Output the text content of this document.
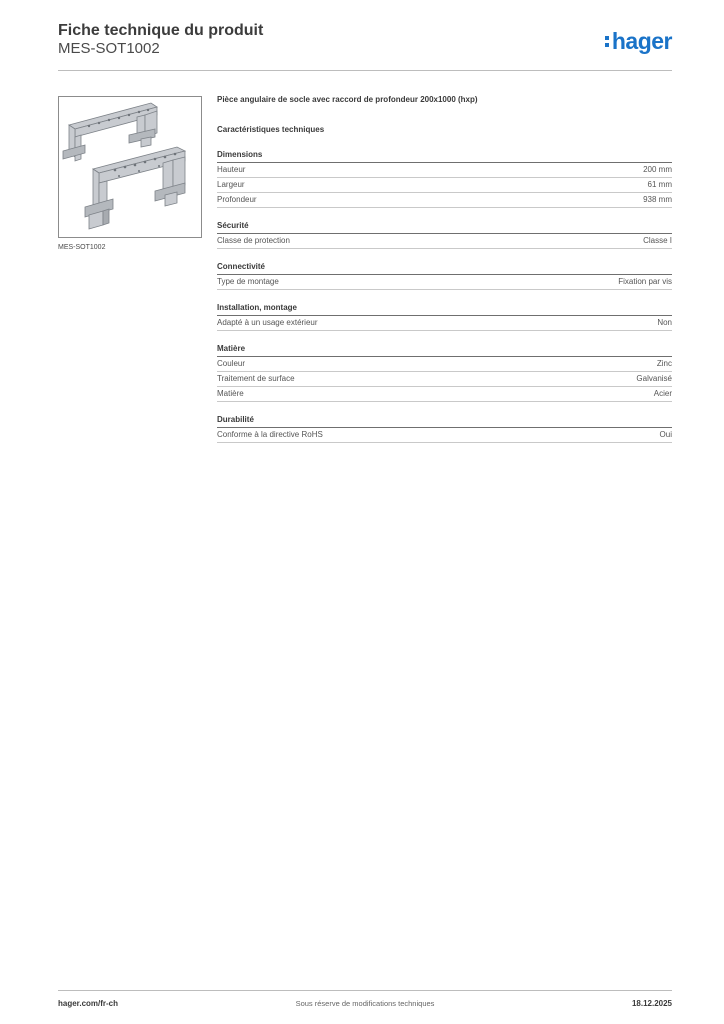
Fiche technique du produit
MES-SOT1002	hager
MES-SOT1002
Pièce angulaire de socle avec raccord de profondeur 200x1000 (hxp)
Caractéristiques techniques
Dimensions
Hauteur	200 mm
Largeur	61 mm
Profondeur	938 mm
Sécurité
Classe de protection	Classe I
Connectivité
Type de montage	Fixation par vis
Installation, montage
Adapté à un usage extérieur	Non
Matière
Couleur	Zinc
Traitement de surface	Galvanisé
Matière	Acier
Durabilité
Conforme à la directive RoHS	Oui
hager.com/fr-ch	Sous réserve de modifications techniques	18.12.2025
